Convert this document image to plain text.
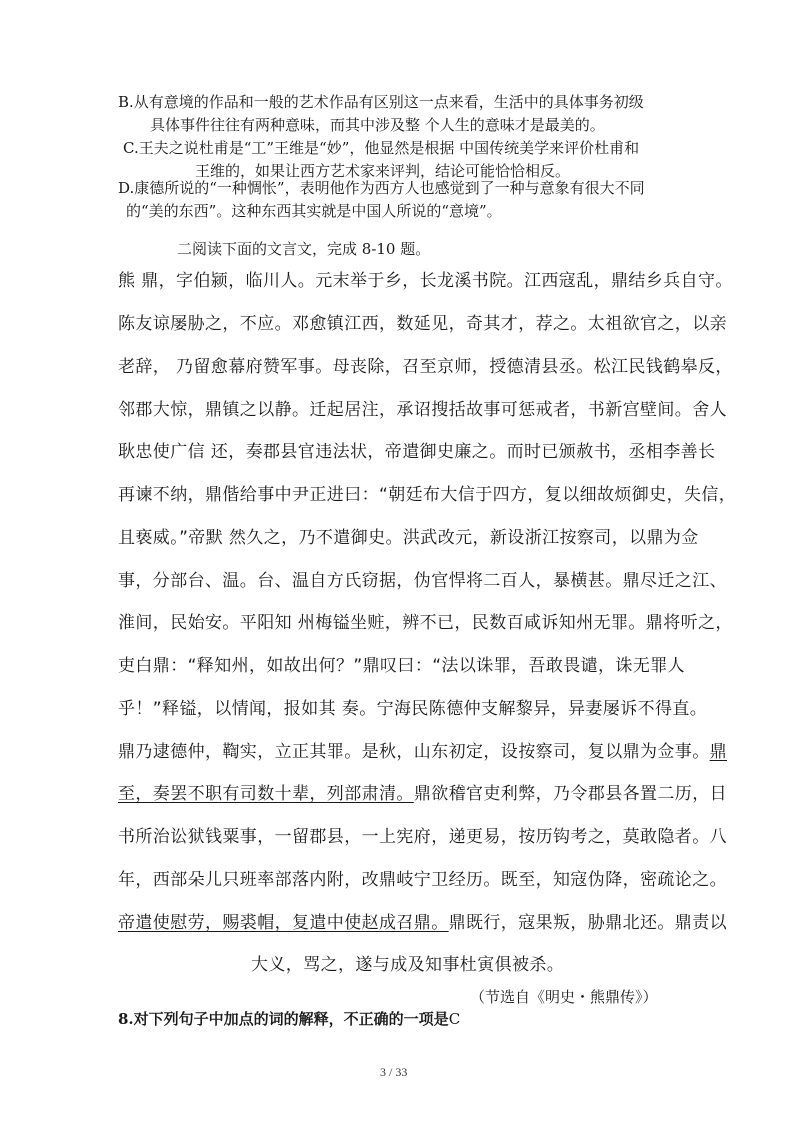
B.从有意境的作品和一般的艺术作品有区别这一点来看，生活中的具体事务初级
具体事件往往有两种意味，而其中涉及整 个人生的意味才是最美的。
C.王夫之说杜甫是“工”王维是“妙”，他显然是根据 中国传统美学来评价杜甫和
王维的，如果让西方艺术家来评判，结论可能恰恰相反。
D.康德所说的“一种惆怅”，表明他作为西方人也感觉到了一种与意象有很大不同
的“美的东西”。这种东西其实就是中国人所说的“意境”。
二阅读下面的文言文，完成 8-10 题。
熊 鼎，字伯颍，临川人。元末举于乡，长龙溪书院。江西寇乱，鼎结乡兵自守。
陈友谅屡胁之，不应。邓愈镇江西，数延见，奇其才，荐之。太祖欲官之，以亲
老辞， 乃留愈幕府赞军事。母丧除，召至京师，授德清县丞。松江民钱鹤皋反，
邻郡大惊，鼎镇之以静。迁起居注，承诏搜括故事可惩戒者，书新宫壁间。舍人
耿忠使广信 还，奏郡县官违法状，帝遣御史廉之。而时已颁赦书，丞相李善长
再谏不纳，鼎偕给事中尹正进曰：“朝廷布大信于四方，复以细故烦御史，失信，
且亵威。”帝默 然久之，乃不遣御史。洪武改元，新设浙江按察司，以鼎为佥
事，分部台、温。台、温自方氏窃据，伪官悍将二百人，暴横甚。鼎尽迁之江、
淮间，民始安。平阳知 州梅镒坐赃，辨不已，民数百咸诉知州无罪。鼎将听之，
吏白鼎：“释知州，如故出何？”鼎叹曰：“法以诛罪，吾敢畏谴，诛无罪人
乎！”释镒，以情闻，报如其 奏。宁海民陈德仲支解黎异，异妻屡诉不得直。
鼎乃逮德仲，鞫实，立正其罪。是秋，山东初定，设按察司，复以鼎为佥事。鼎
至，奏罢不职有司数十辈，列部肃清。鼎欲稽官吏利弊，乃令郡县各置二历，日
书所治讼狱钱粟事，一留郡县，一上宪府，递更易，按历钩考之，莫敢隐者。八
年，西部朵儿只班率部落内附，改鼎岐宁卫经历。既至，知寇伪降，密疏论之。
帝遣使慰劳，赐裘帽，复遣中使赵成召鼎。鼎既行，寇果叛，胁鼎北还。鼎责以
大义，骂之，遂与成及知事杜寅俱被杀。
（节选自《明史・熊鼎传》）
8.对下列句子中加点的词的解释，不正确的一项是C
3 / 33
